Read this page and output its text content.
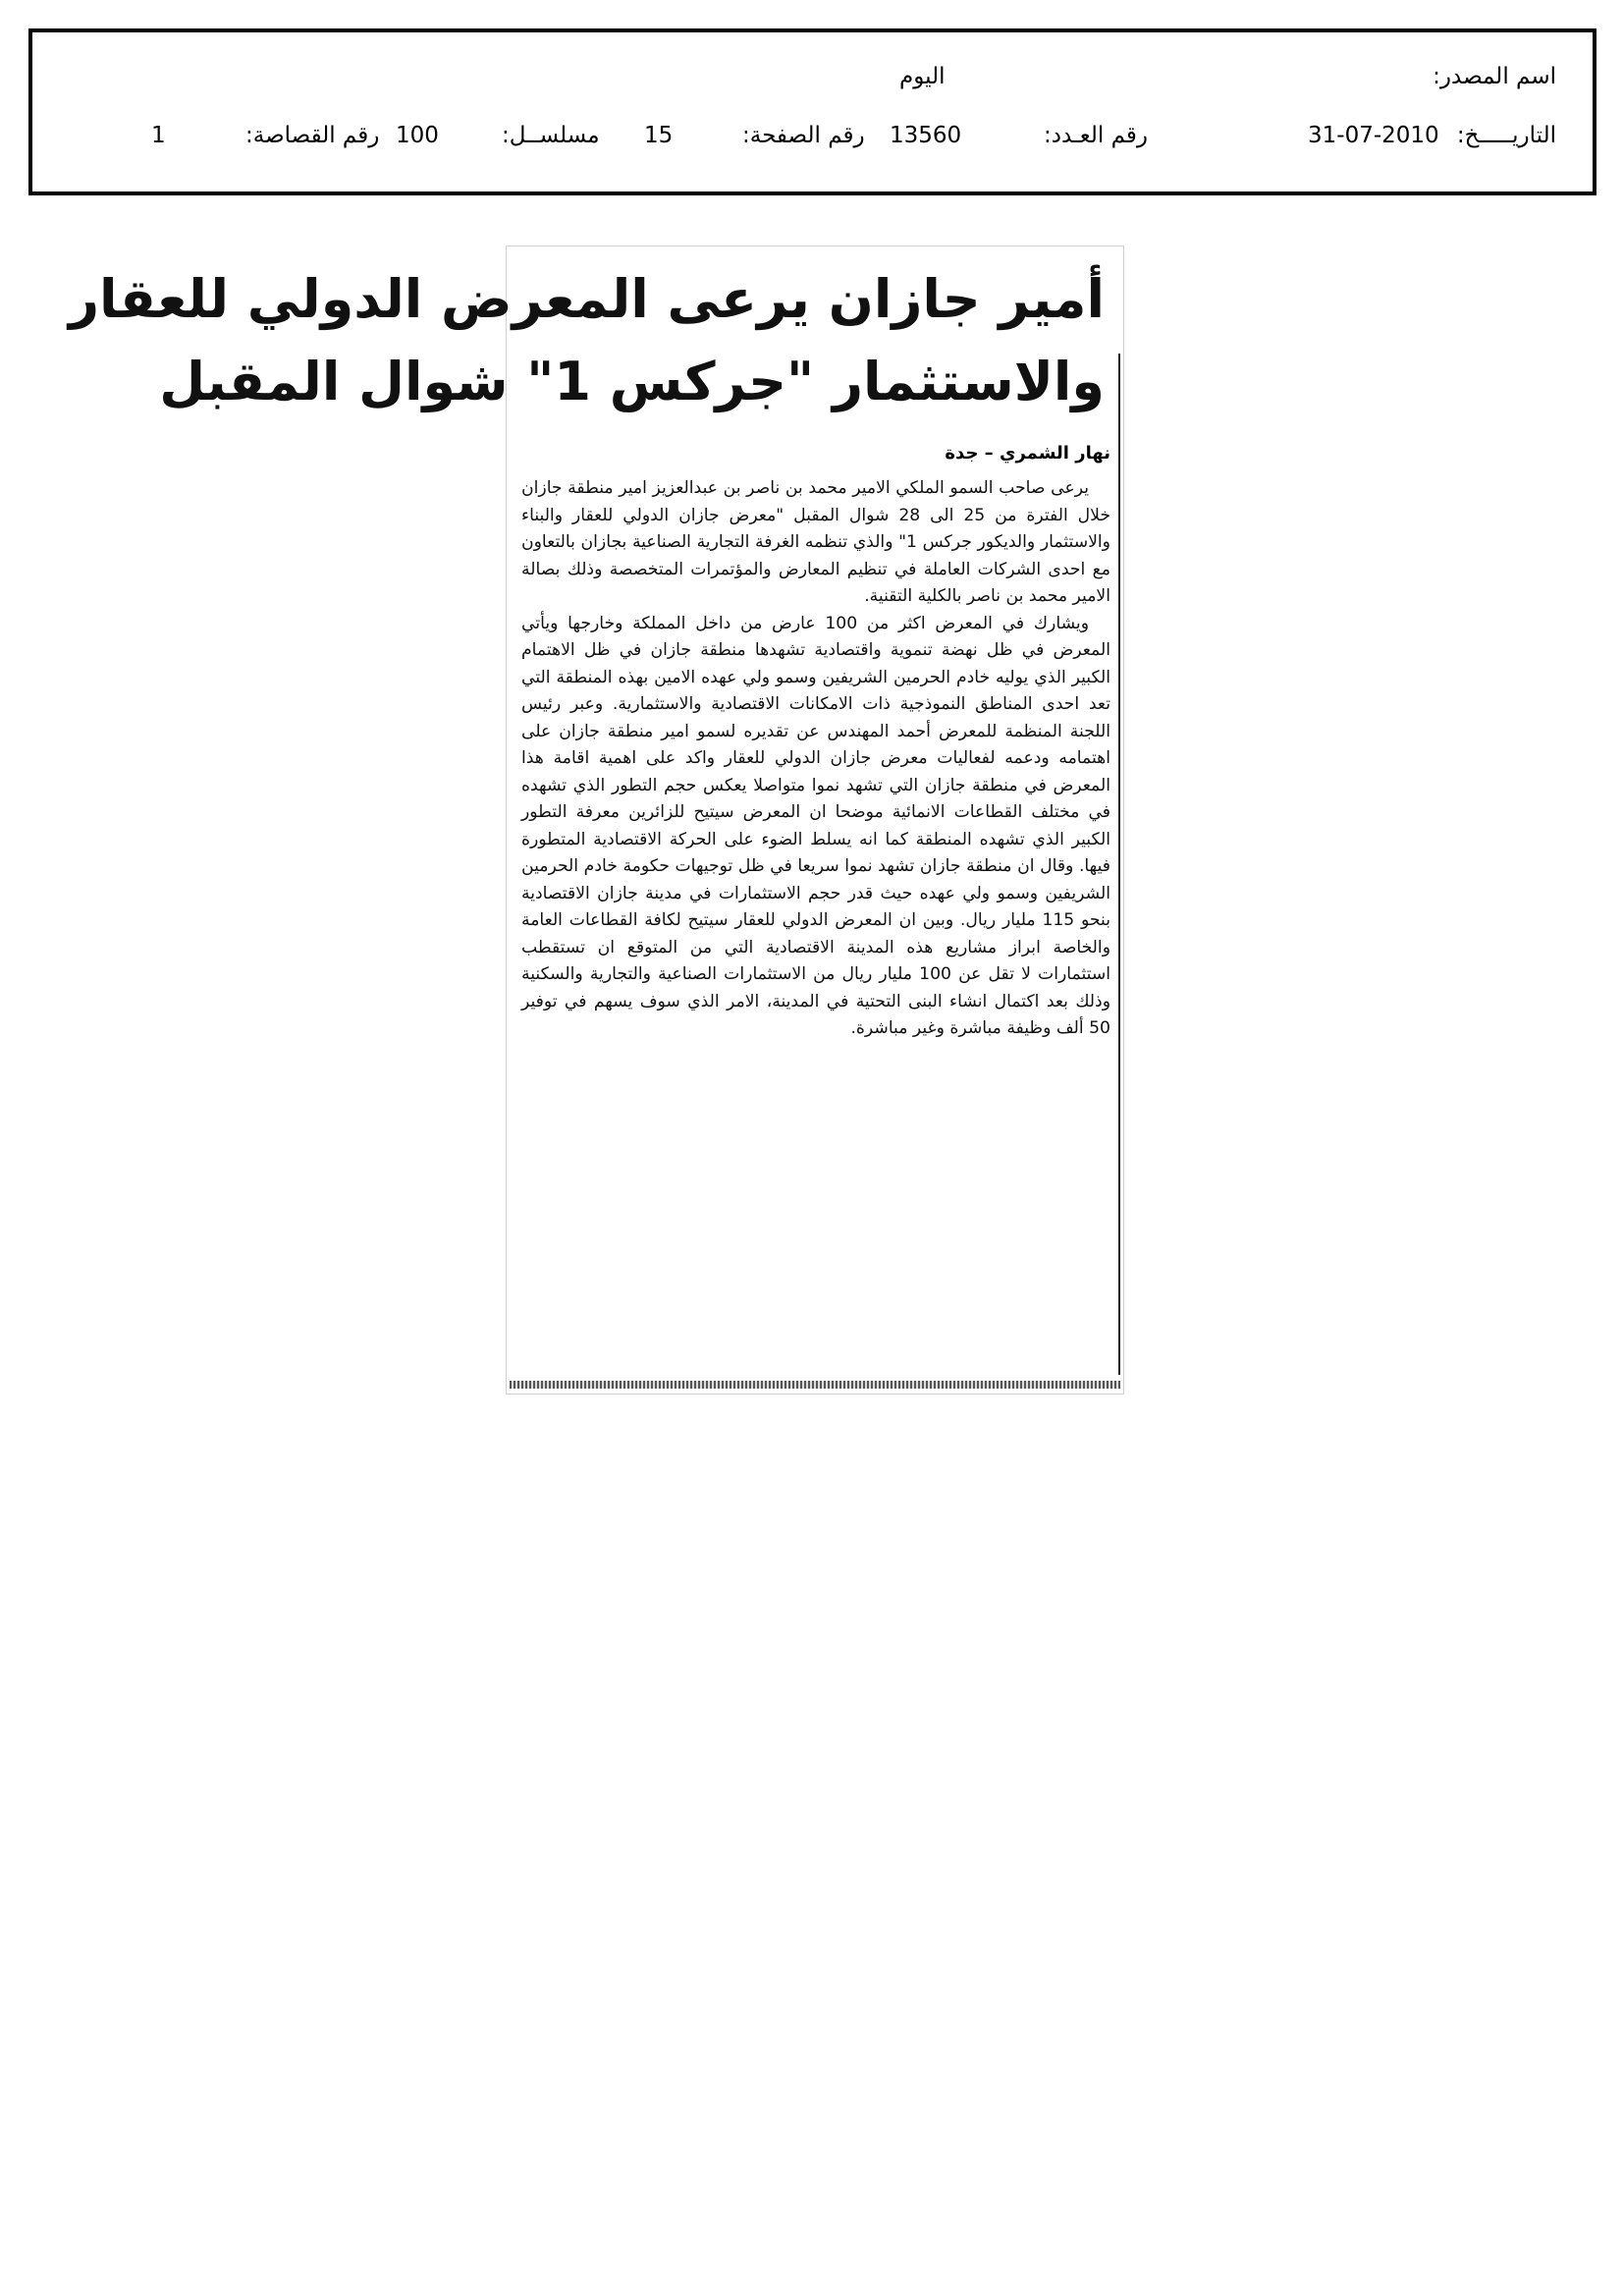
اسم المصدر:
اليوم
التاريـــــخ:
31-07-2010
رقم العـدد:
13560
رقم الصفحة:
15
مسلســل:
100
رقم القصاصة:
1
أمير جازان يرعى المعرض الدولي للعقار
والاستثمار "جركس 1" شوال المقبل
نهار الشمري – جدة

يرعى صاحب السمو الملكي الامير محمد بن ناصر بن عبدالعزيز امير منطقة جازان خلال الفترة من 25 الى 28 شوال المقبل "معرض جازان الدولي للعقار والبناء والاستثمار والديكور جركس 1" والذي تنظمه الغرفة التجارية الصناعية بجازان بالتعاون مع احدى الشركات العاملة في تنظيم المعارض والمؤتمرات المتخصصة وذلك بصالة الامير محمد بن ناصر بالكلية التقنية.

ويشارك في المعرض اكثر من 100 عارض من داخل المملكة وخارجها ويأتي المعرض في ظل نهضة تنموية واقتصادية تشهدها منطقة جازان في ظل الاهتمام الكبير الذي يوليه خادم الحرمين الشريفين وسمو ولي عهده الامين بهذه المنطقة التي تعد احدى المناطق النموذجية ذات الامكانات الاقتصادية والاستثمارية. وعبر رئيس اللجنة المنظمة للمعرض أحمد المهندس عن تقديره لسمو امير منطقة جازان على اهتمامه ودعمه لفعاليات معرض جازان الدولي للعقار واكد على اهمية اقامة هذا المعرض في منطقة جازان التي تشهد نموا متواصلا يعكس حجم التطور الذي تشهده في مختلف القطاعات الانمائية موضحا ان المعرض سيتيح للزائرين معرفة التطور الكبير الذي تشهده المنطقة كما انه يسلط الضوء على الحركة الاقتصادية المتطورة فيها. وقال ان منطقة جازان تشهد نموا سريعا في ظل توجيهات حكومة خادم الحرمين الشريفين وسمو ولي عهده حيث قدر حجم الاستثمارات في مدينة جازان الاقتصادية بنحو 115 مليار ريال. وبين ان المعرض الدولي للعقار سيتيح لكافة القطاعات العامة والخاصة ابراز مشاريع هذه المدينة الاقتصادية التي من المتوقع ان تستقطب استثمارات لا تقل عن 100 مليار ريال من الاستثمارات الصناعية والتجارية والسكنية وذلك بعد اكتمال انشاء البنى التحتية في المدينة، الامر الذي سوف يسهم في توفير 50 ألف وظيفة مباشرة وغير مباشرة.
